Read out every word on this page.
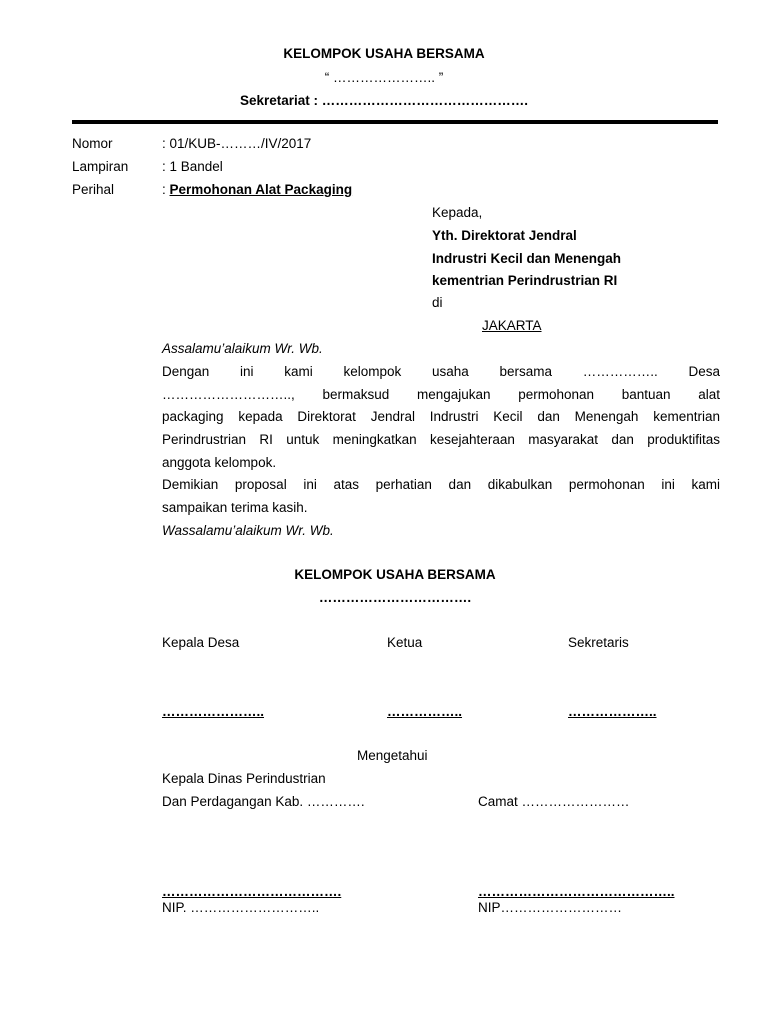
KELOMPOK USAHA BERSAMA
“ ………………….. ”
Sekretariat : ……………………………………….
Nomor	: 01/KUB-………/IV/2017
Lampiran : 1 Bandel
Perihal	: Permohonan Alat Packaging
Kepada,
Yth. Direktorat Jendral
Indrustri Kecil dan Menengah
kementrian Perindrustrian RI
di
JAKARTA
Assalamu’alaikum Wr. Wb.
Dengan ini kami kelompok usaha bersama …………….. Desa
……………………….., bermaksud mengajukan permohonan bantuan alat
packaging kepada Direktorat Jendral Indrustri Kecil dan Menengah kementrian
Perindrustrian RI untuk meningkatkan kesejahteraan masyarakat dan produktifitas
anggota kelompok.
Demikian proposal ini atas perhatian dan dikabulkan permohonan ini kami
sampaikan terima kasih.
Wassalamu’alaikum Wr. Wb.
KELOMPOK USAHA BERSAMA
…………………………….
Kepala Desa	Ketua	Sekretaris
…………………..	……………..	………………..
Mengetahui
Kepala Dinas Perindustrian
Dan Perdagangan Kab. ………….	Camat ……………………
………………………………….	……………………………………..
NIP. ………………………..	NIP………………………
